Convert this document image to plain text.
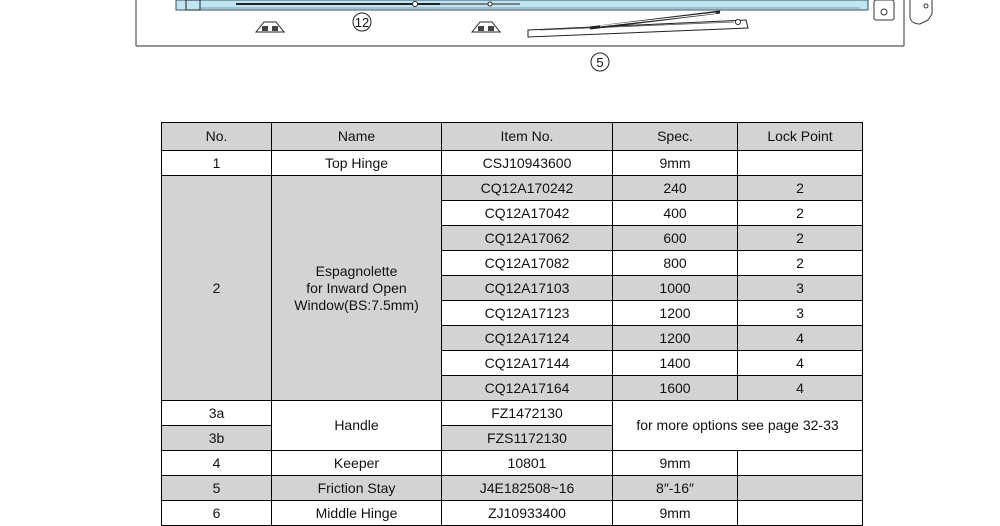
12
5
No.	Name	Item No.	Spec.	Lock Point
1	Top Hinge	CSJ10943600	9mm	
2	Espagnolette
for Inward Open
Window(BS:7.5mm)	CQ12A170242	240	2
		CQ12A17042	400	2
		CQ12A17062	600	2
		CQ12A17082	800	2
		CQ12A17103	1000	3
		CQ12A17123	1200	3
		CQ12A17124	1200	4
		CQ12A17144	1400	4
		CQ12A17164	1600	4
3a	Handle	FZ1472130	for more options see page 32-33	
3b		FZS1172130		
4	Keeper	10801	9mm	
5	Friction Stay	J4E182508~16	8″-16″	
6	Middle Hinge	ZJ10933400	9mm	
